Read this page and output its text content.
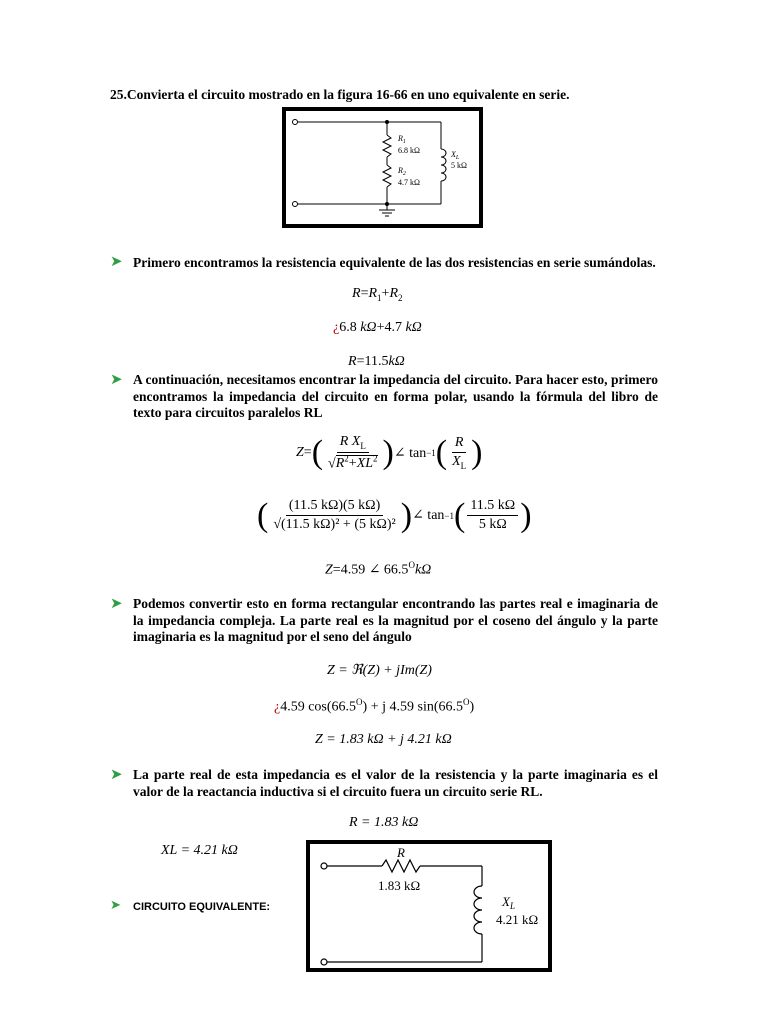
25.Convierta el circuito mostrado en la figura 16-66 en uno equivalente en serie.
$R_1$
6.8 kΩ
$R_2$
4.7 kΩ
$X_L$
5 kΩ
➤ Primero encontramos la resistencia equivalente de las dos resistencias en serie sumándolas.
$R=R_1+R_2$
¿6.8 kΩ+4.7 kΩ
R=11.5kΩ
➤ A continuación, necesitamos encontrar la impedancia del circuito. Para hacer esto, primero encontramos la impedancia del circuito en forma polar, usando la fórmula del libro de texto para circuitos paralelos RL
Z = ( $\frac{R X_L}{√R^2+XL^2}$ ) ∠ tan −1 ( $\frac{R}{X_L}$ )
( $\frac{(11.5 k\Omega)(5 k\Omega)}{\text{√(11.5 kΩ)² + (5 kΩ)²}}$ ) ∠ tan −1 ( $\frac{11.5 k\Omega}{5 k\Omega}$ )
Z=4.59 ∠ $66.5^Ok\Omega$
➤ Podemos convertir esto en forma rectangular encontrando las partes real e imaginaria de la impedancia compleja. La parte real es la magnitud por el coseno del ángulo y la parte imaginaria es la magnitud por el seno del ángulo
Z = ℜ(Z) + jIm(Z)
¿4.59 $\cos(66.5^O) + j$ 4.59 $\sin(66.5^O)$
Z = 1.83 kΩ + j 4.21 kΩ
➤ La parte real de esta impedancia es el valor de la resistencia y la parte imaginaria es el valor de la reactancia inductiva si el circuito fuera un circuito serie RL.
R = 1.83 kΩ
XL = 4.21 kΩ
➤ CIRCUITO EQUIVALENTE:
R
1.83 kΩ
$X_L$
4.21 kΩ
